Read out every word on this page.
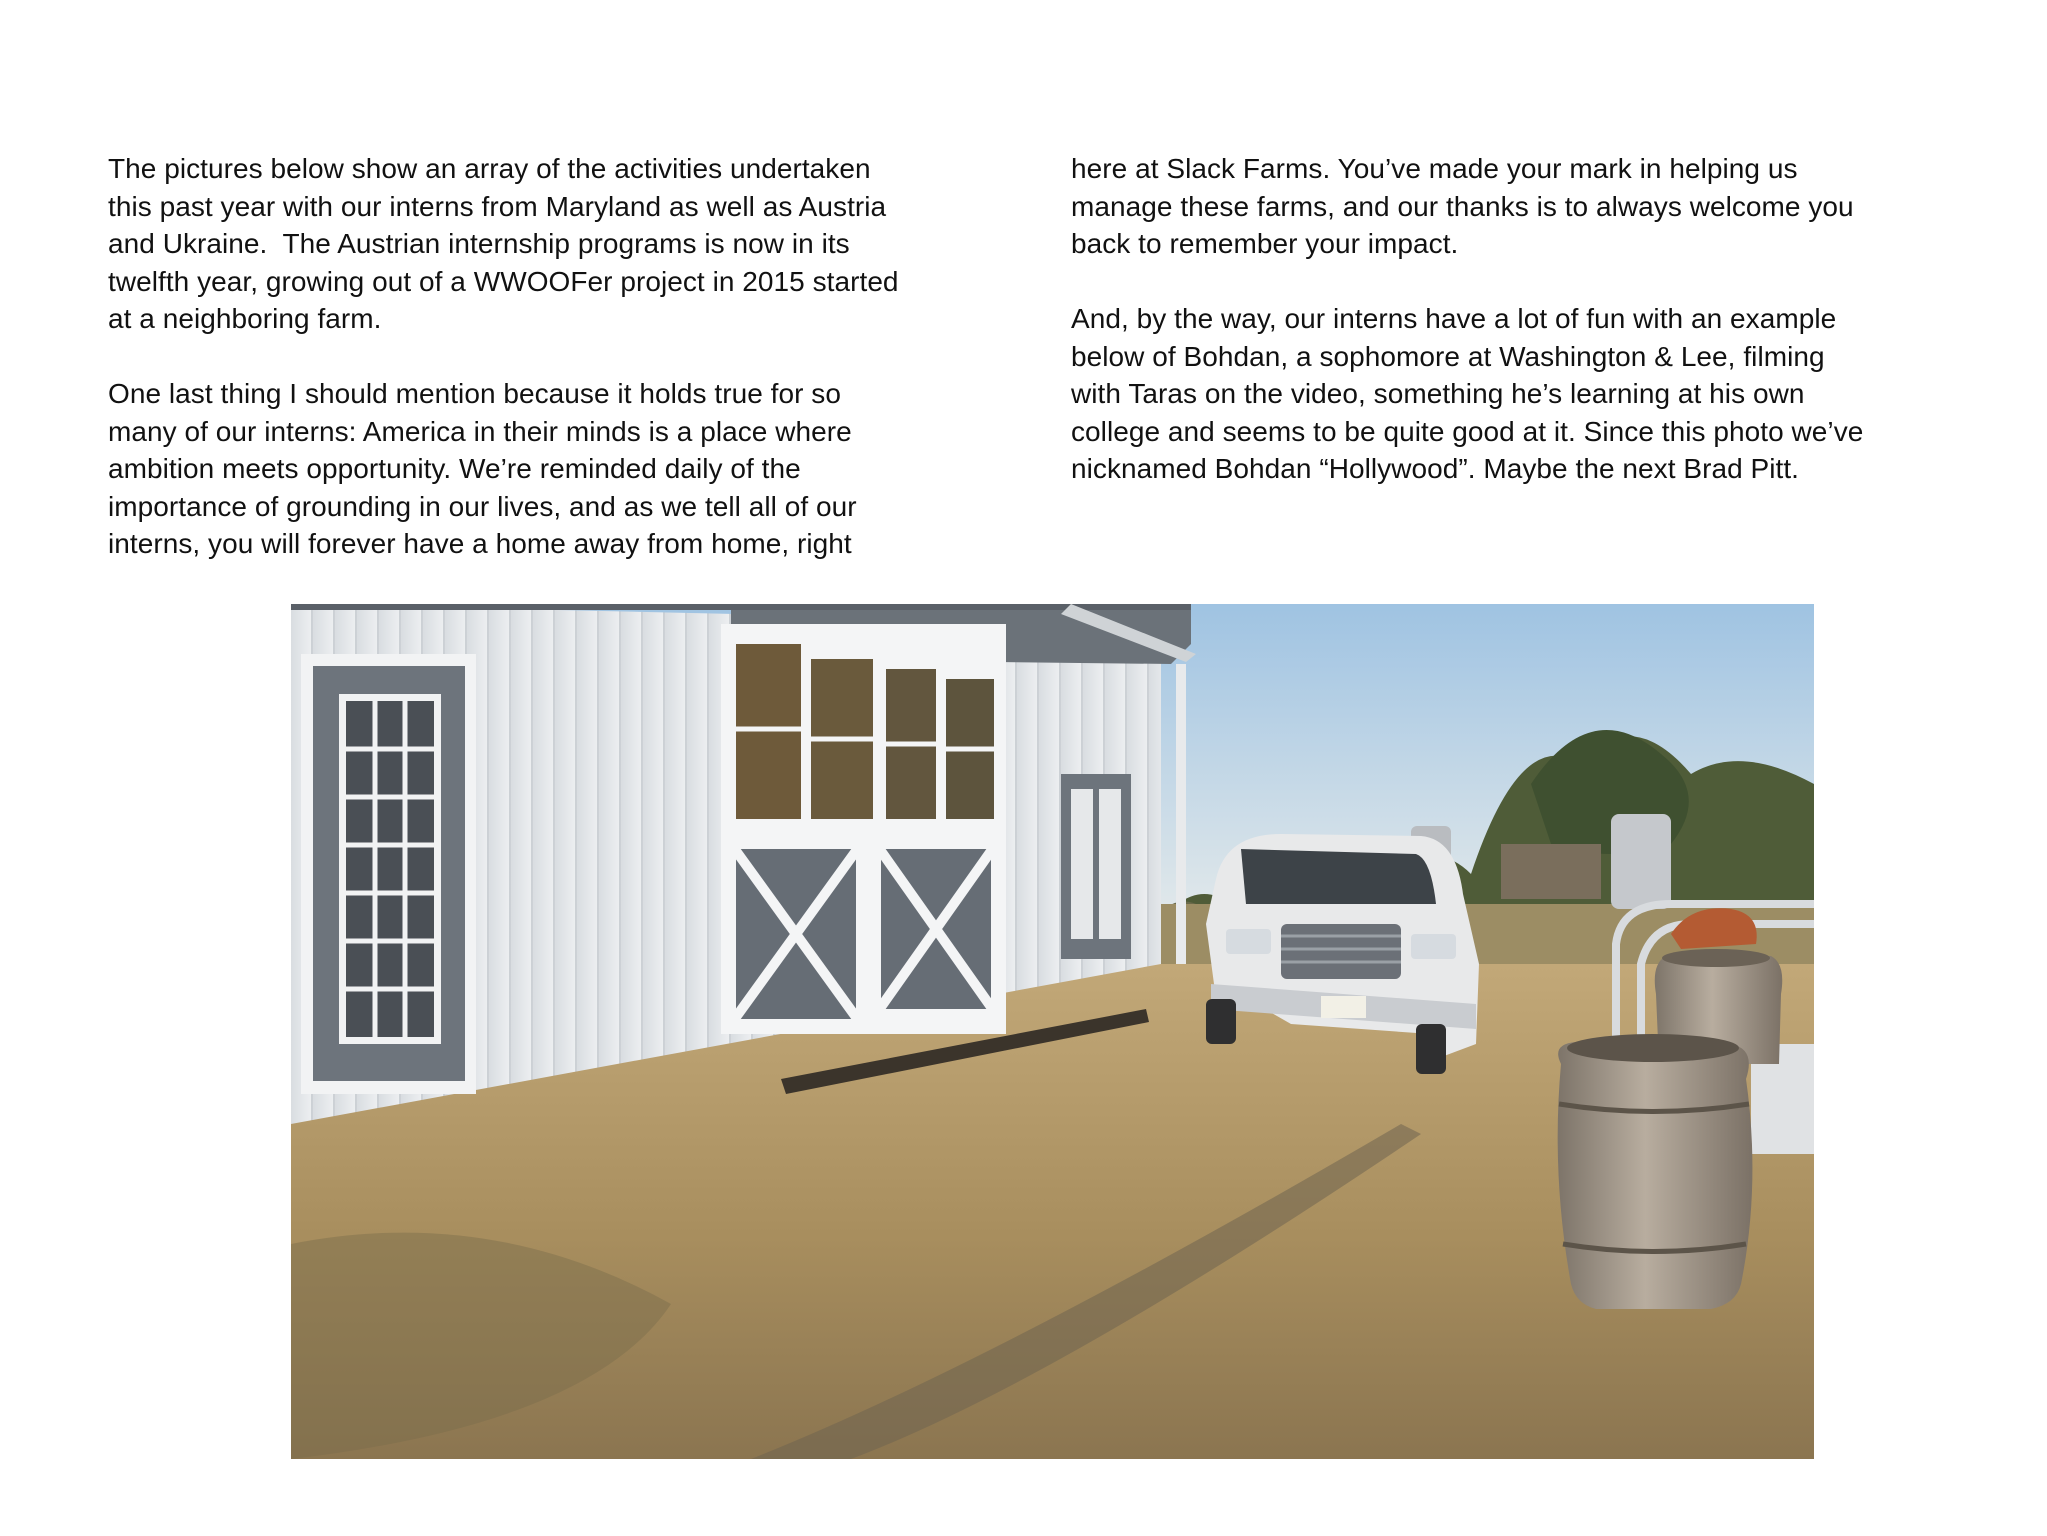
The pictures below show an array of the activities undertaken
this past year with our interns from Maryland as well as Austria
and Ukraine.  The Austrian internship programs is now in its
twelfth year, growing out of a WWOOFer project in 2015 started
at a neighboring farm.

One last thing I should mention because it holds true for so
many of our interns: America in their minds is a place where
ambition meets opportunity. We’re reminded daily of the
importance of grounding in our lives, and as we tell all of our
interns, you will forever have a home away from home, right

here at Slack Farms. You’ve made your mark in helping us
manage these farms, and our thanks is to always welcome you
back to remember your impact.

And, by the way, our interns have a lot of fun with an example
below of Bohdan, a sophomore at Washington & Lee, filming
with Taras on the video, something he’s learning at his own
college and seems to be quite good at it. Since this photo we’ve
nicknamed Bohdan “Hollywood”. Maybe the next Brad Pitt.
